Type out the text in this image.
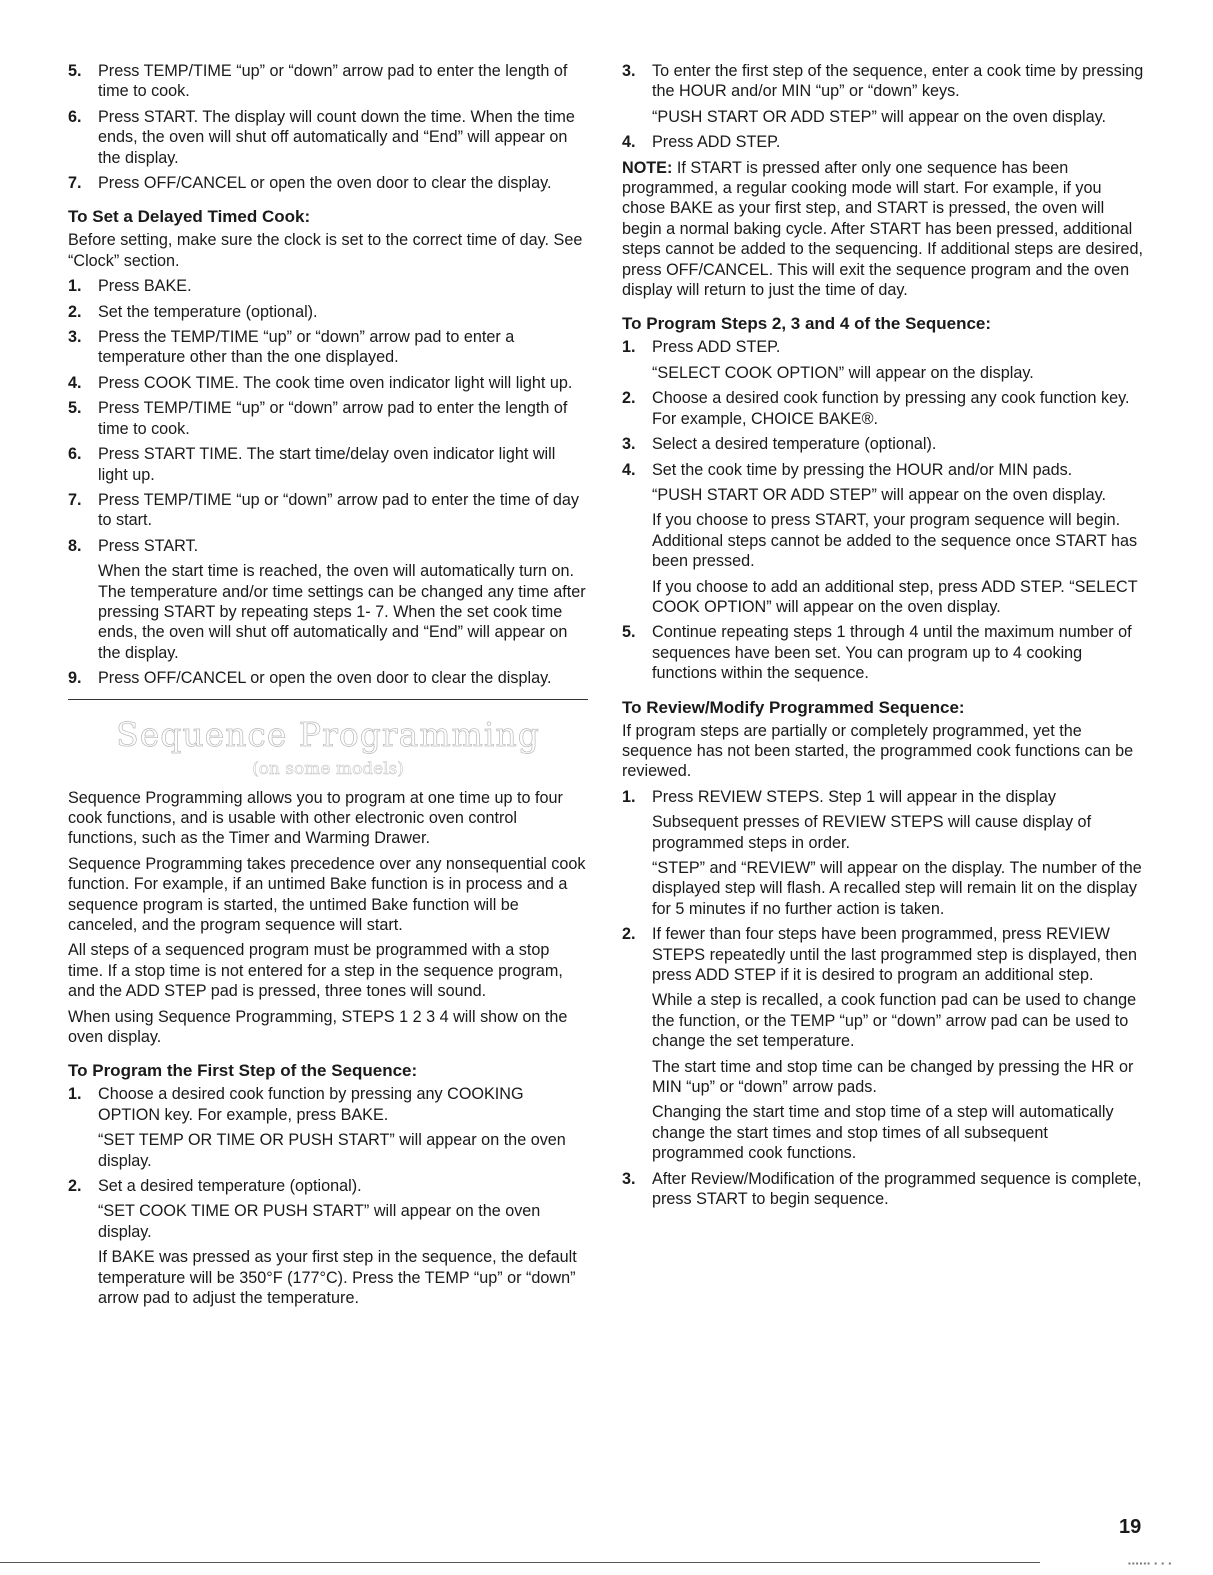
5. Press TEMP/TIME “up” or “down” arrow pad to enter the length of time to cook.
6. Press START. The display will count down the time. When the time ends, the oven will shut off automatically and “End” will appear on the display.
7. Press OFF/CANCEL or open the oven door to clear the display.
To Set a Delayed Timed Cook:
Before setting, make sure the clock is set to the correct time of day. See “Clock” section.
1. Press BAKE.
2. Set the temperature (optional).
3. Press the TEMP/TIME “up” or “down” arrow pad to enter a temperature other than the one displayed.
4. Press COOK TIME. The cook time oven indicator light will light up.
5. Press TEMP/TIME “up” or “down” arrow pad to enter the length of time to cook.
6. Press START TIME. The start time/delay oven indicator light will light up.
7. Press TEMP/TIME “up or “down” arrow pad to enter the time of day to start.
8. Press START.
When the start time is reached, the oven will automatically turn on. The temperature and/or time settings can be changed any time after pressing START by repeating steps 1- 7. When the set cook time ends, the oven will shut off automatically and “End” will appear on the display.
9. Press OFF/CANCEL or open the oven door to clear the display.
Sequence Programming
(on some models)
Sequence Programming allows you to program at one time up to four cook functions, and is usable with other electronic oven control functions, such as the Timer and Warming Drawer.
Sequence Programming takes precedence over any nonsequential cook function. For example, if an untimed Bake function is in process and a sequence program is started, the untimed Bake function will be canceled, and the program sequence will start.
All steps of a sequenced program must be programmed with a stop time. If a stop time is not entered for a step in the sequence program, and the ADD STEP pad is pressed, three tones will sound.
When using Sequence Programming, STEPS 1 2 3 4 will show on the oven display.
To Program the First Step of the Sequence:
1. Choose a desired cook function by pressing any COOKING OPTION key. For example, press BAKE.
“SET TEMP OR TIME OR PUSH START” will appear on the oven display.
2. Set a desired temperature (optional).
“SET COOK TIME OR PUSH START” will appear on the oven display.
If BAKE was pressed as your first step in the sequence, the default temperature will be 350°F (177°C). Press the TEMP “up” or “down” arrow pad to adjust the temperature.
3. To enter the first step of the sequence, enter a cook time by pressing the HOUR and/or MIN “up” or “down” keys.
“PUSH START OR ADD STEP” will appear on the oven display.
4. Press ADD STEP.
NOTE: If START is pressed after only one sequence has been programmed, a regular cooking mode will start. For example, if you chose BAKE as your first step, and START is pressed, the oven will begin a normal baking cycle. After START has been pressed, additional steps cannot be added to the sequencing. If additional steps are desired, press OFF/CANCEL. This will exit the sequence program and the oven display will return to just the time of day.
To Program Steps 2, 3 and 4 of the Sequence:
1. Press ADD STEP.
“SELECT COOK OPTION” will appear on the display.
2. Choose a desired cook function by pressing any cook function key. For example, CHOICE BAKE®.
3. Select a desired temperature (optional).
4. Set the cook time by pressing the HOUR and/or MIN pads.
“PUSH START OR ADD STEP” will appear on the oven display.
If you choose to press START, your program sequence will begin. Additional steps cannot be added to the sequence once START has been pressed.
If you choose to add an additional step, press ADD STEP. “SELECT COOK OPTION” will appear on the oven display.
5. Continue repeating steps 1 through 4 until the maximum number of sequences have been set. You can program up to 4 cooking functions within the sequence.
To Review/Modify Programmed Sequence:
If program steps are partially or completely programmed, yet the sequence has not been started, the programmed cook functions can be reviewed.
1. Press REVIEW STEPS. Step 1 will appear in the display
Subsequent presses of REVIEW STEPS will cause display of programmed steps in order.
“STEP” and “REVIEW” will appear on the display. The number of the displayed step will flash. A recalled step will remain lit on the display for 5 minutes if no further action is taken.
2. If fewer than four steps have been programmed, press REVIEW STEPS repeatedly until the last programmed step is displayed, then press ADD STEP if it is desired to program an additional step.
While a step is recalled, a cook function pad can be used to change the function, or the TEMP “up” or “down” arrow pad can be used to change the set temperature.
The start time and stop time can be changed by pressing the HR or MIN “up” or “down” arrow pads.
Changing the start time and stop time of a step will automatically change the start times and stop times of all subsequent programmed cook functions.
3. After Review/Modification of the programmed sequence is complete, press START to begin sequence.
19
▪▪▪▪▪▪ ▪ ▪ ▪
